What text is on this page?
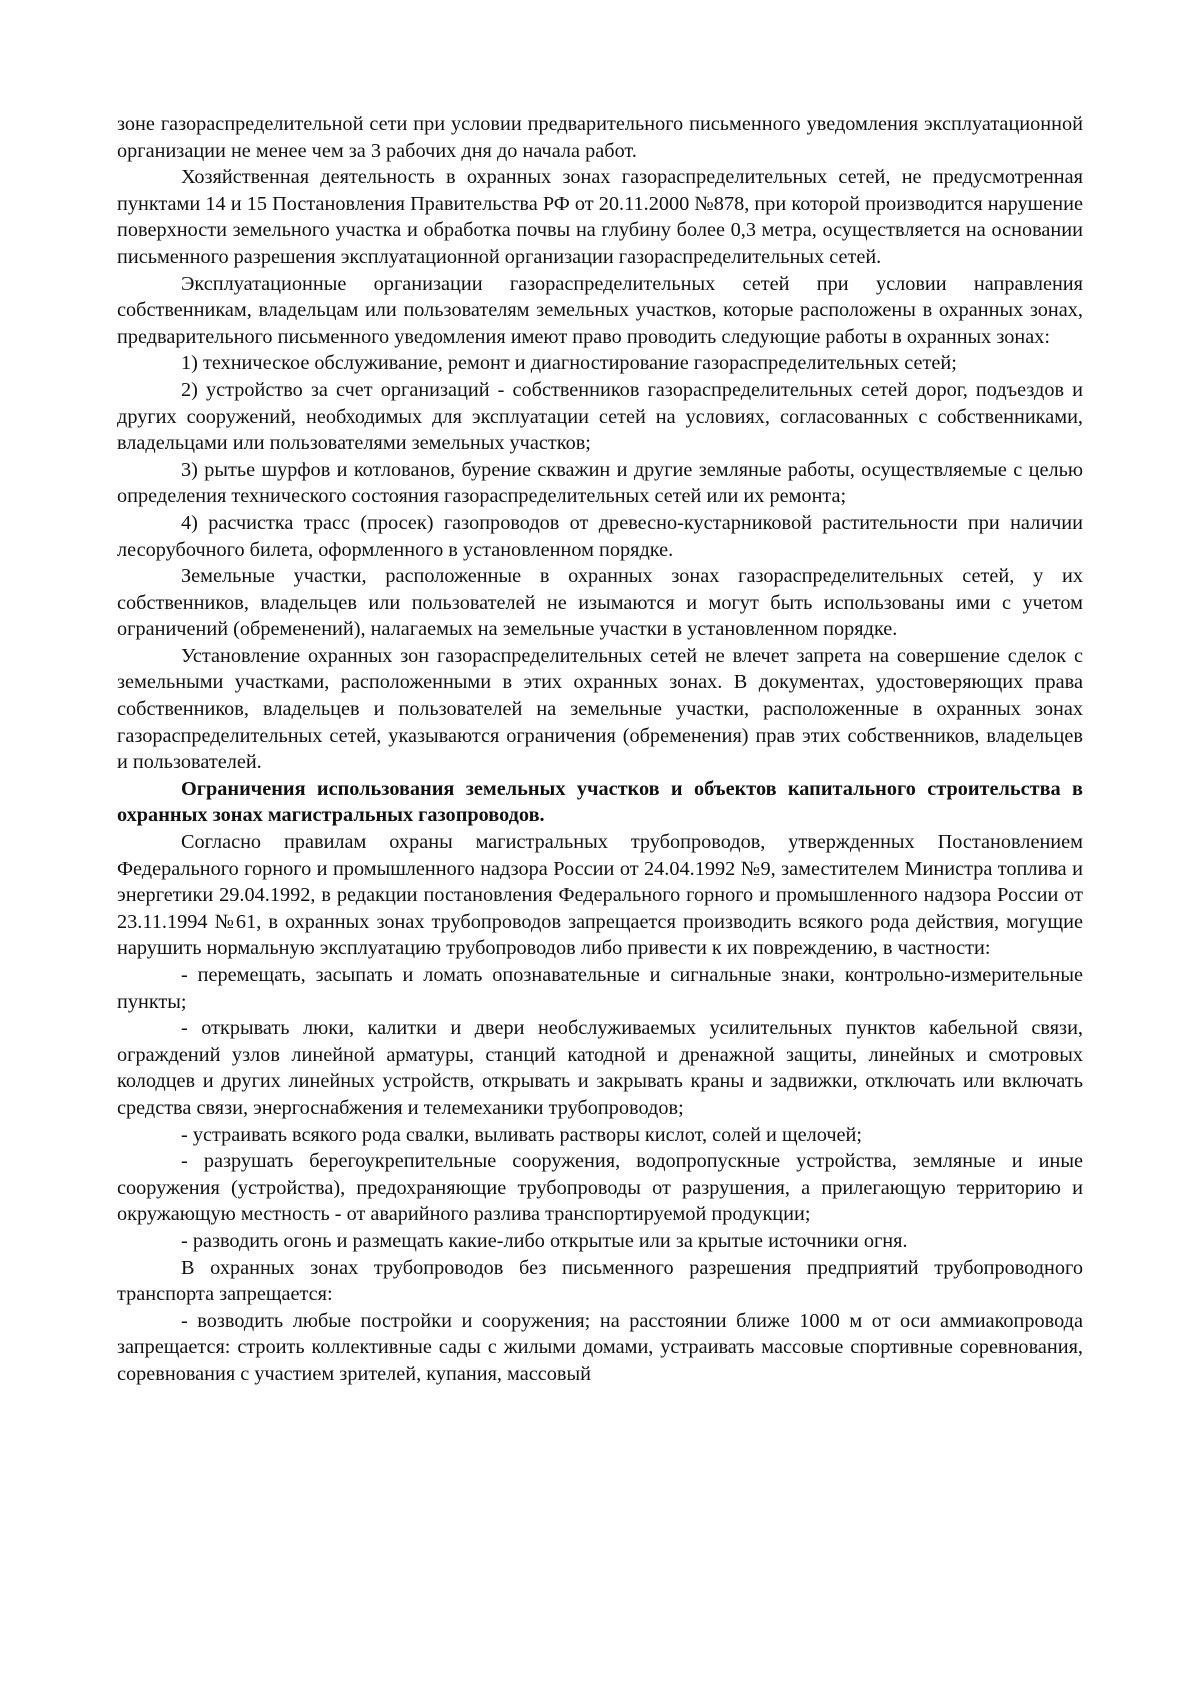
зоне газораспределительной сети при условии предварительного письменного уведомления эксплуатационной организации не менее чем за 3 рабочих дня до начала работ.

Хозяйственная деятельность в охранных зонах газораспределительных сетей, не предусмотренная пунктами 14 и 15 Постановления Правительства РФ от 20.11.2000 №878, при которой производится нарушение поверхности земельного участка и обработка почвы на глубину более 0,3 метра, осуществляется на основании письменного разрешения эксплуатационной организации газораспределительных сетей.

Эксплуатационные организации газораспределительных сетей при условии направления собственникам, владельцам или пользователям земельных участков, которые расположены в охранных зонах, предварительного письменного уведомления имеют право проводить следующие работы в охранных зонах:

1) техническое обслуживание, ремонт и диагностирование газораспределительных сетей;

2) устройство за счет организаций - собственников газораспределительных сетей дорог, подъездов и других сооружений, необходимых для эксплуатации сетей на условиях, согласованных с собственниками, владельцами или пользователями земельных участков;

3) рытье шурфов и котлованов, бурение скважин и другие земляные работы, осуществляемые с целью определения технического состояния газораспределительных сетей или их ремонта;

4) расчистка трасс (просек) газопроводов от древесно-кустарниковой растительности при наличии лесорубочного билета, оформленного в установленном порядке.

Земельные участки, расположенные в охранных зонах газораспределительных сетей, у их собственников, владельцев или пользователей не изымаются и могут быть использованы ими с учетом ограничений (обременений), налагаемых на земельные участки в установленном порядке.

Установление охранных зон газораспределительных сетей не влечет запрета на совершение сделок с земельными участками, расположенными в этих охранных зонах. В документах, удостоверяющих права собственников, владельцев и пользователей на земельные участки, расположенные в охранных зонах газораспределительных сетей, указываются ограничения (обременения) прав этих собственников, владельцев и пользователей.

Ограничения использования земельных участков и объектов капитального строительства в охранных зонах магистральных газопроводов.

Согласно правилам охраны магистральных трубопроводов, утвержденных Постановлением Федерального горного и промышленного надзора России от 24.04.1992 №9, заместителем Министра топлива и энергетики 29.04.1992, в редакции постановления Федерального горного и промышленного надзора России от 23.11.1994 №61, в охранных зонах трубопроводов запрещается производить всякого рода действия, могущие нарушить нормальную эксплуатацию трубопроводов либо привести к их повреждению, в частности:

- перемещать, засыпать и ломать опознавательные и сигнальные знаки, контрольно-измерительные пункты;

- открывать люки, калитки и двери необслуживаемых усилительных пунктов кабельной связи, ограждений узлов линейной арматуры, станций катодной и дренажной защиты, линейных и смотровых колодцев и других линейных устройств, открывать и закрывать краны и задвижки, отключать или включать средства связи, энергоснабжения и телемеханики трубопроводов;

- устраивать всякого рода свалки, выливать растворы кислот, солей и щелочей;

- разрушать берегоукрепительные сооружения, водопропускные устройства, земляные и иные сооружения (устройства), предохраняющие трубопроводы от разрушения, а прилегающую территорию и окружающую местность - от аварийного разлива транспортируемой продукции;

- разводить огонь и размещать какие-либо открытые или за крытые источники огня.

В охранных зонах трубопроводов без письменного разрешения предприятий трубопроводного транспорта запрещается:

- возводить любые постройки и сооружения; на расстоянии ближе 1000 м от оси аммиакопровода запрещается: строить коллективные сады с жилыми домами, устраивать массовые спортивные соревнования, соревнования с участием зрителей, купания, массовый
